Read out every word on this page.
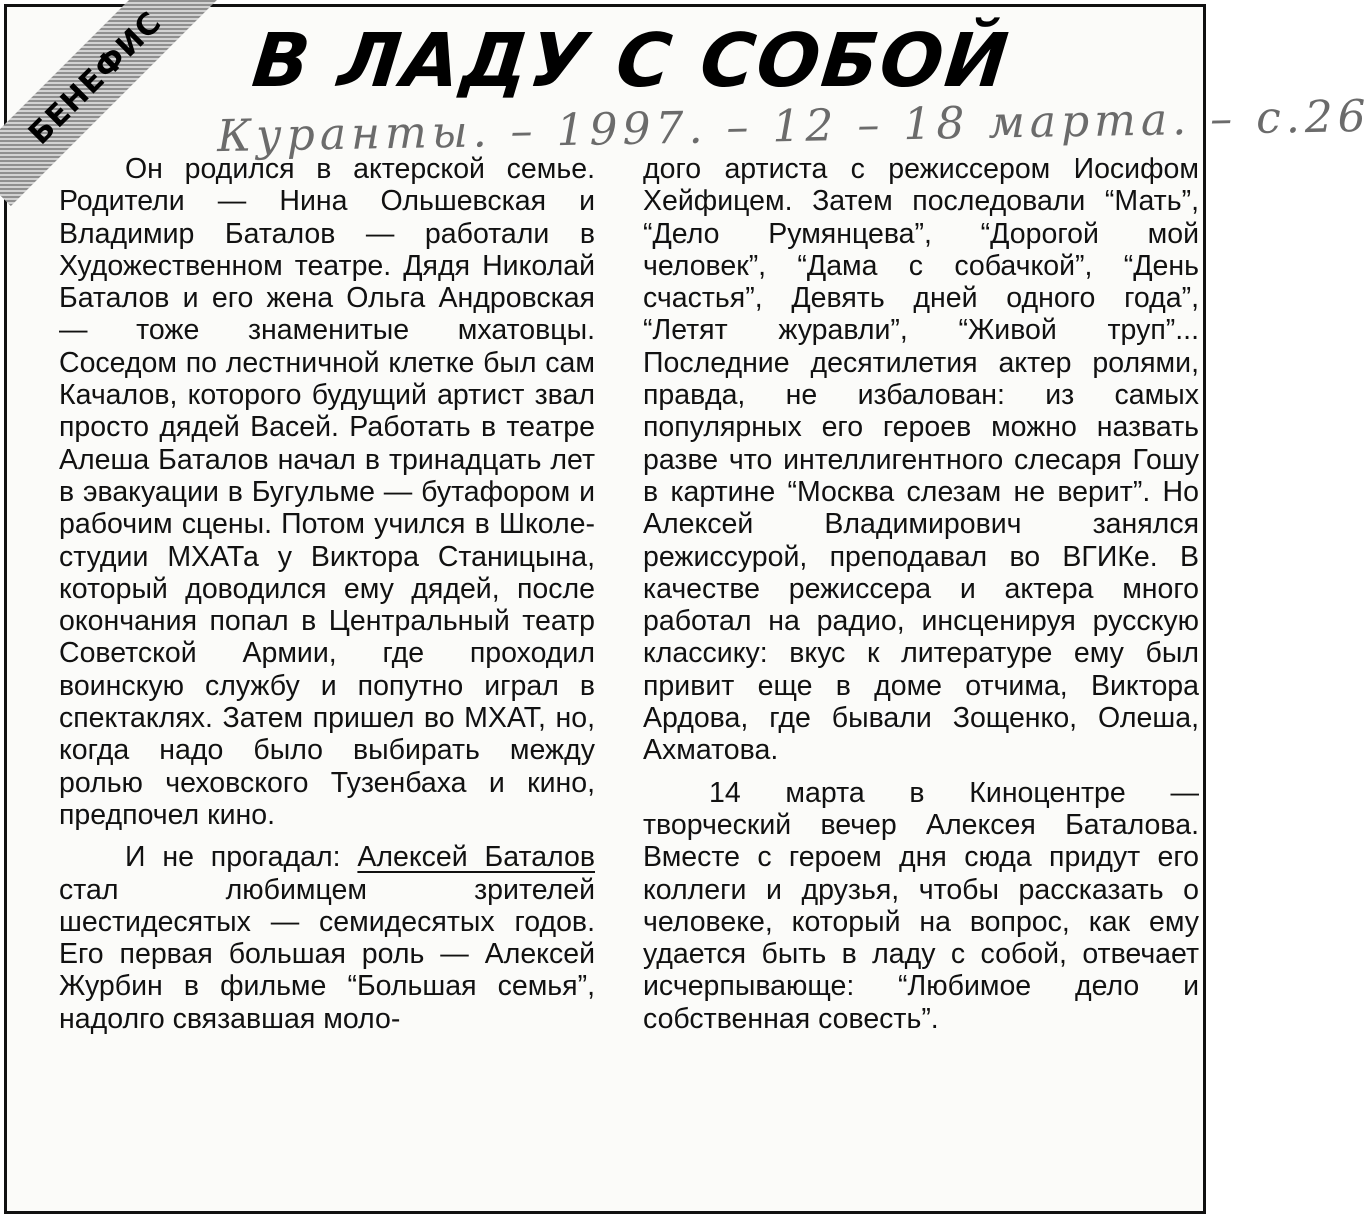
БЕНЕФИС В ЛАДУ С СОБОЙ
Куранты. – 1997. – 12 – 18 марта. – с.26

Он родился в актерской семье. Родители — Нина Ольшевская и Владимир Баталов — работали в Художественном театре. Дядя Николай Баталов и его жена Ольга Андровская — тоже знаменитые мхатовцы. Соседом по лестничной клетке был сам Качалов, которого будущий артист звал просто дядей Васей. Работать в театре Алеша Баталов начал в тринадцать лет в эвакуации в Бугульме — бутафором и рабочим сцены. Потом учился в Школе-студии МХАТа у Виктора Станицына, который доводился ему дядей, после окончания попал в Центральный театр Советской Армии, где проходил воинскую службу и попутно играл в спектаклях. Затем пришел во МХАТ, но, когда надо было выбирать между ролью чеховского Тузенбаха и кино, предпочел кино.

И не прогадал: Алексей Баталов стал любимцем зрителей шестидесятых — семидесятых годов. Его первая большая роль — Алексей Журбин в фильме “Большая семья”, надолго связавшая моло-

дого артиста с режиссером Иосифом Хейфицем. Затем последовали “Мать”, “Дело Румянцева”, “Дорогой мой человек”, “Дама с собачкой”, “День счастья”, Девять дней одного года”, “Летят журавли”, “Живой труп”... Последние десятилетия актер ролями, правда, не избалован: из самых популярных его героев можно назвать разве что интеллигентного слесаря Гошу в картине “Москва слезам не верит”. Но Алексей Владимирович занялся режиссурой, преподавал во ВГИКе. В качестве режиссера и актера много работал на радио, инсценируя русскую классику: вкус к литературе ему был привит еще в доме отчима, Виктора Ардова, где бывали Зощенко, Олеша, Ахматова.

14 марта в Киноцентре — творческий вечер Алексея Баталова. Вместе с героем дня сюда придут его коллеги и друзья, чтобы рассказать о человеке, который на вопрос, как ему удается быть в ладу с собой, отвечает исчерпывающе: “Любимое дело и собственная совесть”.
